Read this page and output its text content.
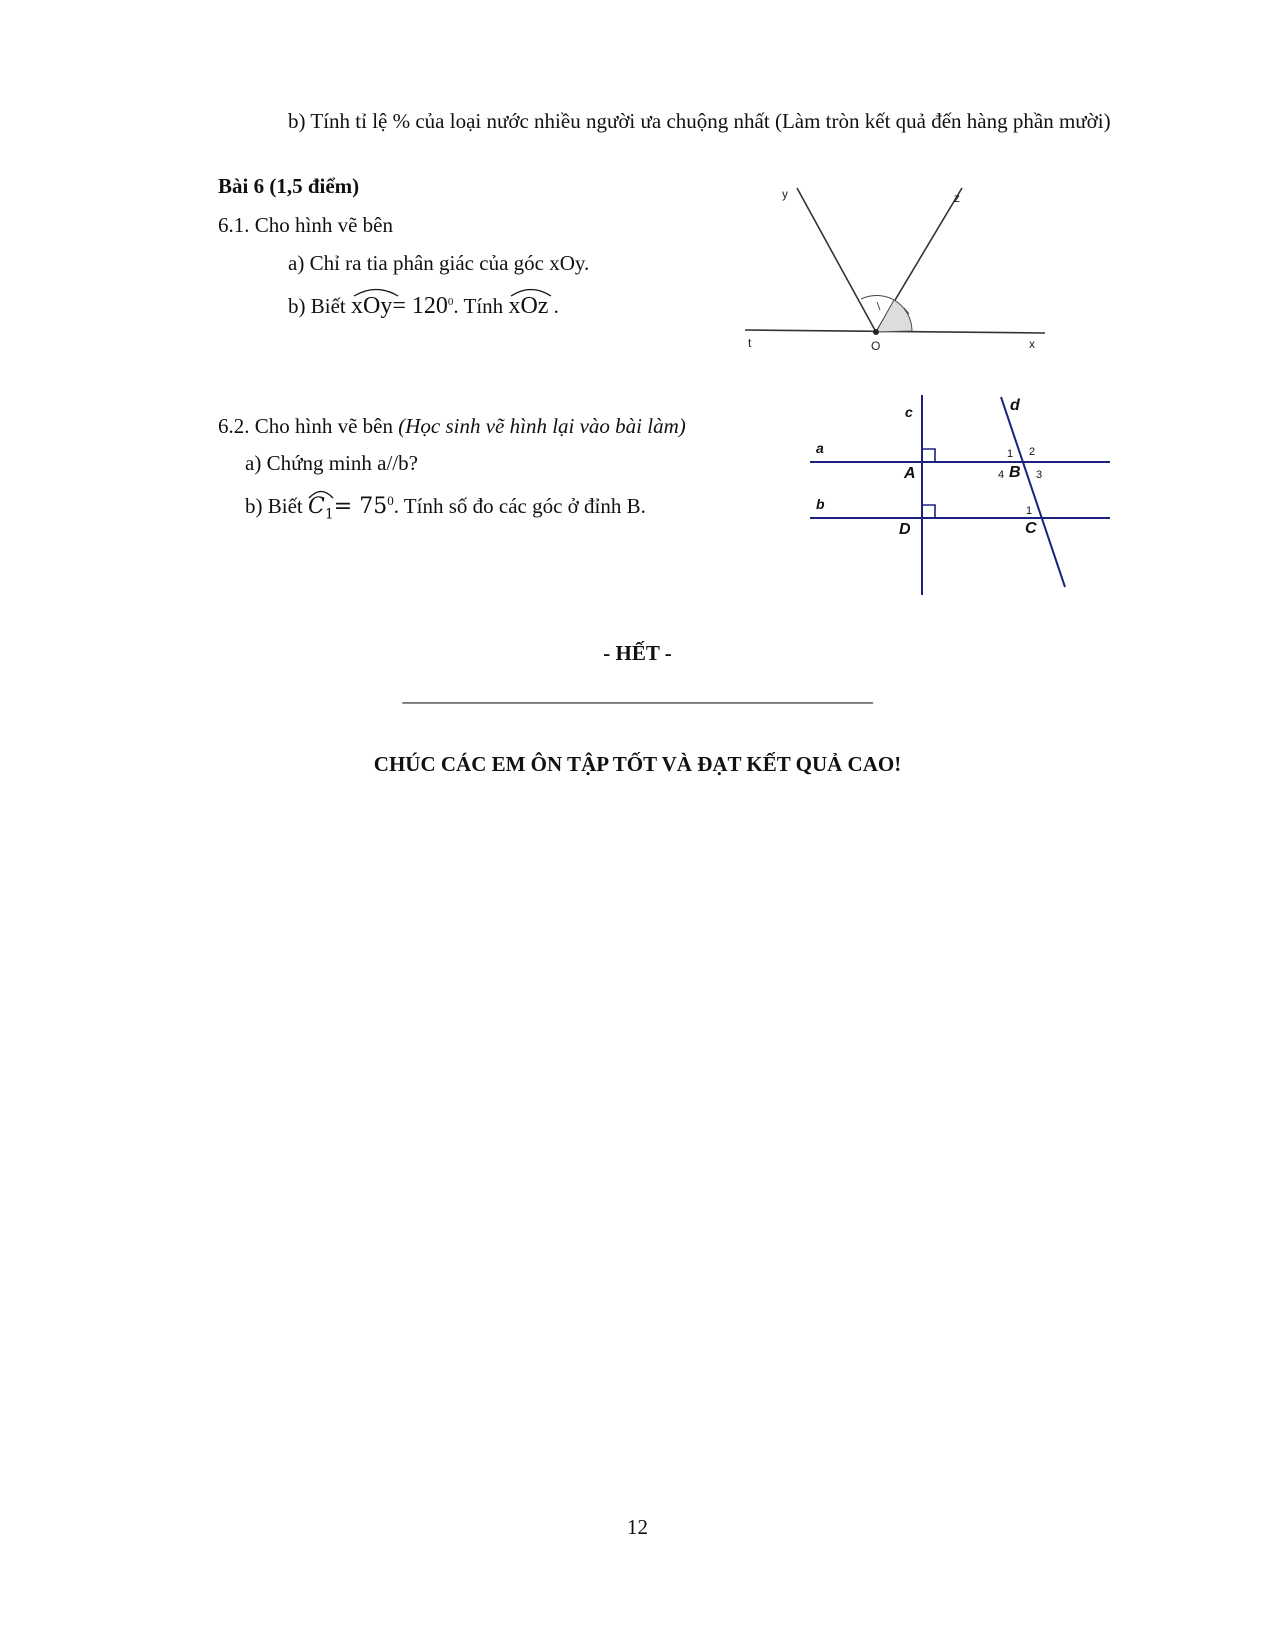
b) Tính tỉ lệ % của loại nước nhiều người ưa chuộng nhất (Làm tròn kết quả đến hàng phần mười)
Bài 6 (1,5 điểm)
6.1. Cho hình vẽ bên
a) Chỉ ra tia phân giác của góc xOy.
b) Biết $xOy= 120^0$. Tính xOz .
y	z
t	O	x
6.2. Cho hình vẽ bên (Học sinh vẽ hình lại vào bài làm)
a) Chứng minh a//b?
b) Biết $C_1= 75^0$. Tính số đo các góc ở đỉnh B.
c	d
a
b
A	B
C
D
1 2
3
4
1
- HẾT -
_______________________________________________
CHÚC CÁC EM ÔN TẬP TỐT VÀ ĐẠT KẾT QUẢ CAO!
12
